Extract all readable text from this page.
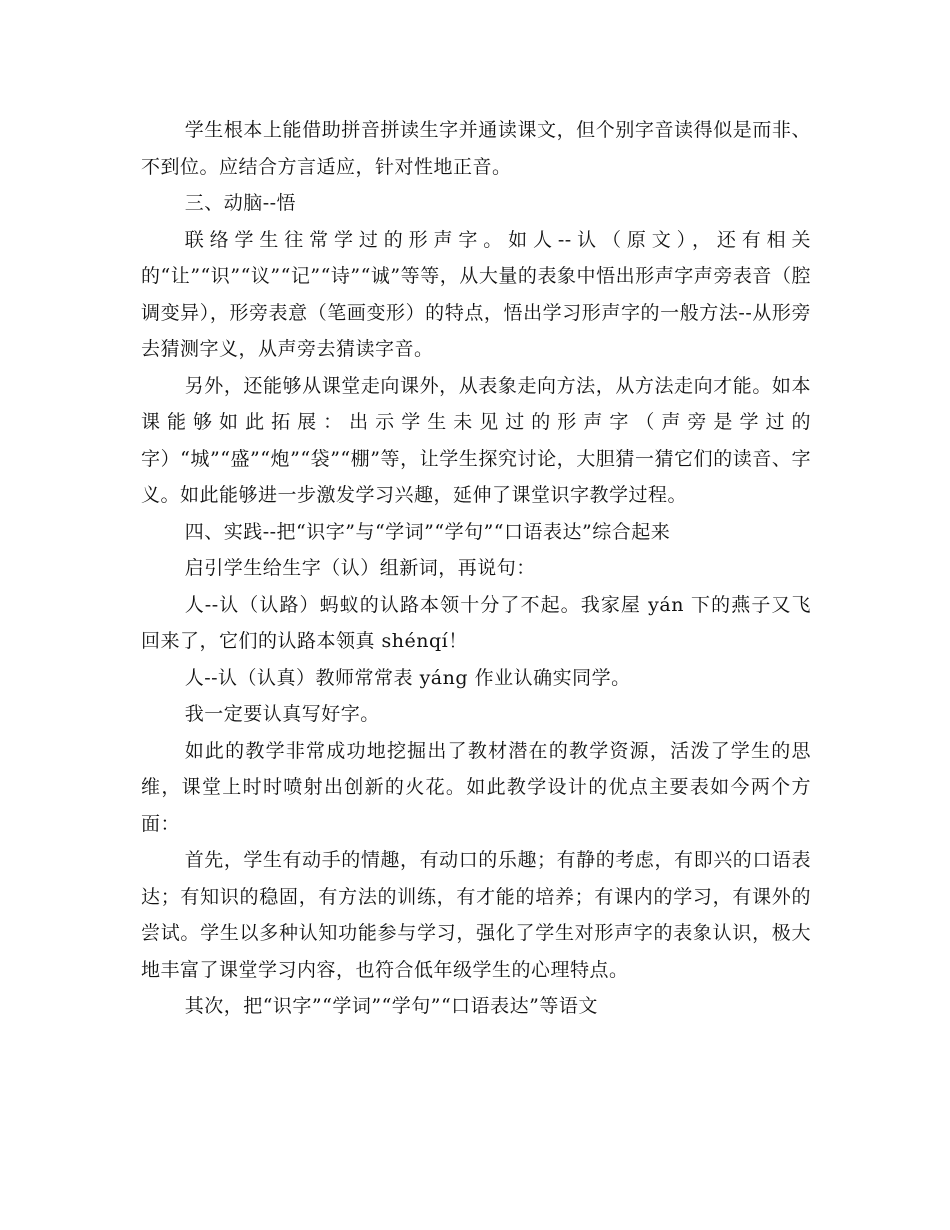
学生根本上能借助拼音拼读生字并通读课文，但个别字音读得似是而非、不到位。应结合方言适应，针对性地正音。

三、动脑--悟

联络学生往常学过的形声字。如人--认（原文），还有相关的“让”“识”“议”“记”“诗”“诚”等等，从大量的表象中悟出形声字声旁表音（腔调变异），形旁表意（笔画变形）的特点，悟出学习形声字的一般方法--从形旁去猜测字义，从声旁去猜读字音。

另外，还能够从课堂走向课外，从表象走向方法，从方法走向才能。如本课能够如此拓展：出示学生未见过的形声字（声旁是学过的字）“城”“盛”“炮”“袋”“棚”等，让学生探究讨论，大胆猜一猜它们的读音、字义。如此能够进一步激发学习兴趣，延伸了课堂识字教学过程。

四、实践--把“识字”与“学词”“学句”“口语表达”综合起来

启引学生给生字（认）组新词，再说句：

人--认（认路）蚂蚁的认路本领十分了不起。我家屋 yán 下的燕子又飞回来了，它们的认路本领真 shénqí！

人--认（认真）教师常常表 yáng 作业认确实同学。

我一定要认真写好字。

如此的教学非常成功地挖掘出了教材潜在的教学资源，活泼了学生的思维，课堂上时时喷射出创新的火花。如此教学设计的优点主要表如今两个方面：

首先，学生有动手的情趣，有动口的乐趣；有静的考虑，有即兴的口语表达；有知识的稳固，有方法的训练，有才能的培养；有课内的学习，有课外的尝试。学生以多种认知功能参与学习，强化了学生对形声字的表象认识，极大地丰富了课堂学习内容，也符合低年级学生的心理特点。

其次，把“识字”“学词”“学句”“口语表达”等语文
